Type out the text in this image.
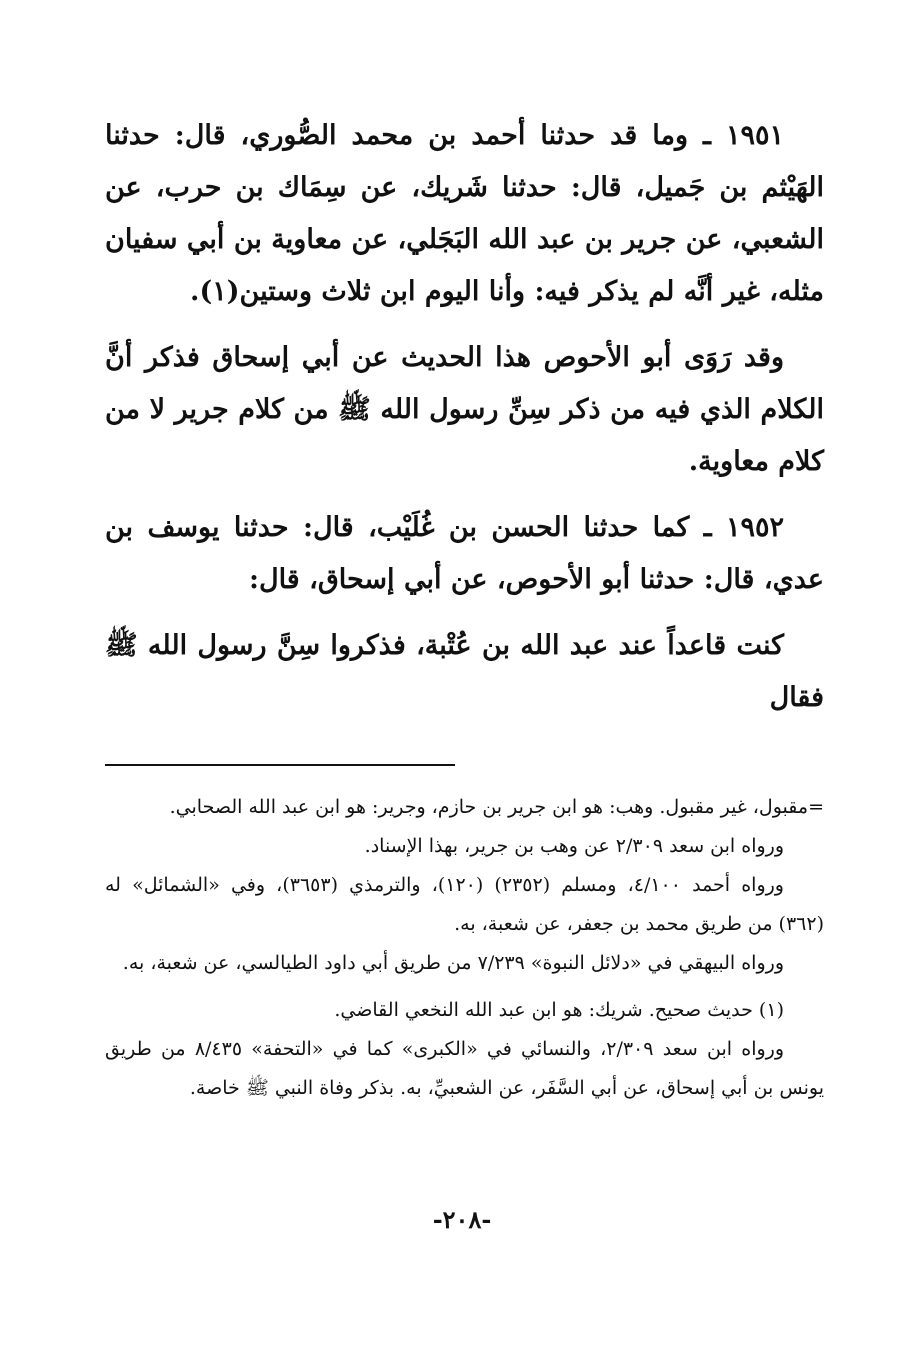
١٩٥١ ـ وما قد حدثنا أحمد بن محمد الصُّوري، قال: حدثنا الهَيْثم بن جَميل، قال: حدثنا شَريك، عن سِمَاك بن حرب، عن الشعبي، عن جرير بن عبد الله البَجَلي، عن معاوية بن أبي سفيان مثله، غير أنَّه لم يذكر فيه: وأنا اليوم ابن ثلاث وستين(١).

وقد رَوَى أبو الأحوص هذا الحديث عن أبي إسحاق فذكر أنَّ الكلام الذي فيه من ذكر سِنِّ رسول الله ﷺ من كلام جرير لا من كلام معاوية.

١٩٥٢ ـ كما حدثنا الحسن بن غُلَيْب، قال: حدثنا يوسف بن عدي، قال: حدثنا أبو الأحوص، عن أبي إسحاق، قال:

كنت قاعداً عند عبد الله بن عُتْبة، فذكروا سِنَّ رسول الله ﷺ فقال

=مقبول، غير مقبول. وهب: هو ابن جرير بن حازم، وجرير: هو ابن عبد الله الصحابي.

ورواه ابن سعد ٢/٣٠٩ عن وهب بن جرير، بهذا الإسناد.

ورواه أحمد ٤/١٠٠، ومسلم (٢٣٥٢) (١٢٠)، والترمذي (٣٦٥٣)، وفي «الشمائل» له (٣٦٢) من طريق محمد بن جعفر، عن شعبة، به.

ورواه البيهقي في «دلائل النبوة» ٧/٢٣٩ من طريق أبي داود الطيالسي، عن شعبة، به.

(١) حديث صحيح. شريك: هو ابن عبد الله النخعي القاضي.

ورواه ابن سعد ٢/٣٠٩، والنسائي في «الكبرى» كما في «التحفة» ٨/٤٣٥ من طريق يونس بن أبي إسحاق، عن أبي السَّفَر، عن الشعبيِّ، به. بذكر وفاة النبي ﷺ خاصة.

-٢٠٨-
